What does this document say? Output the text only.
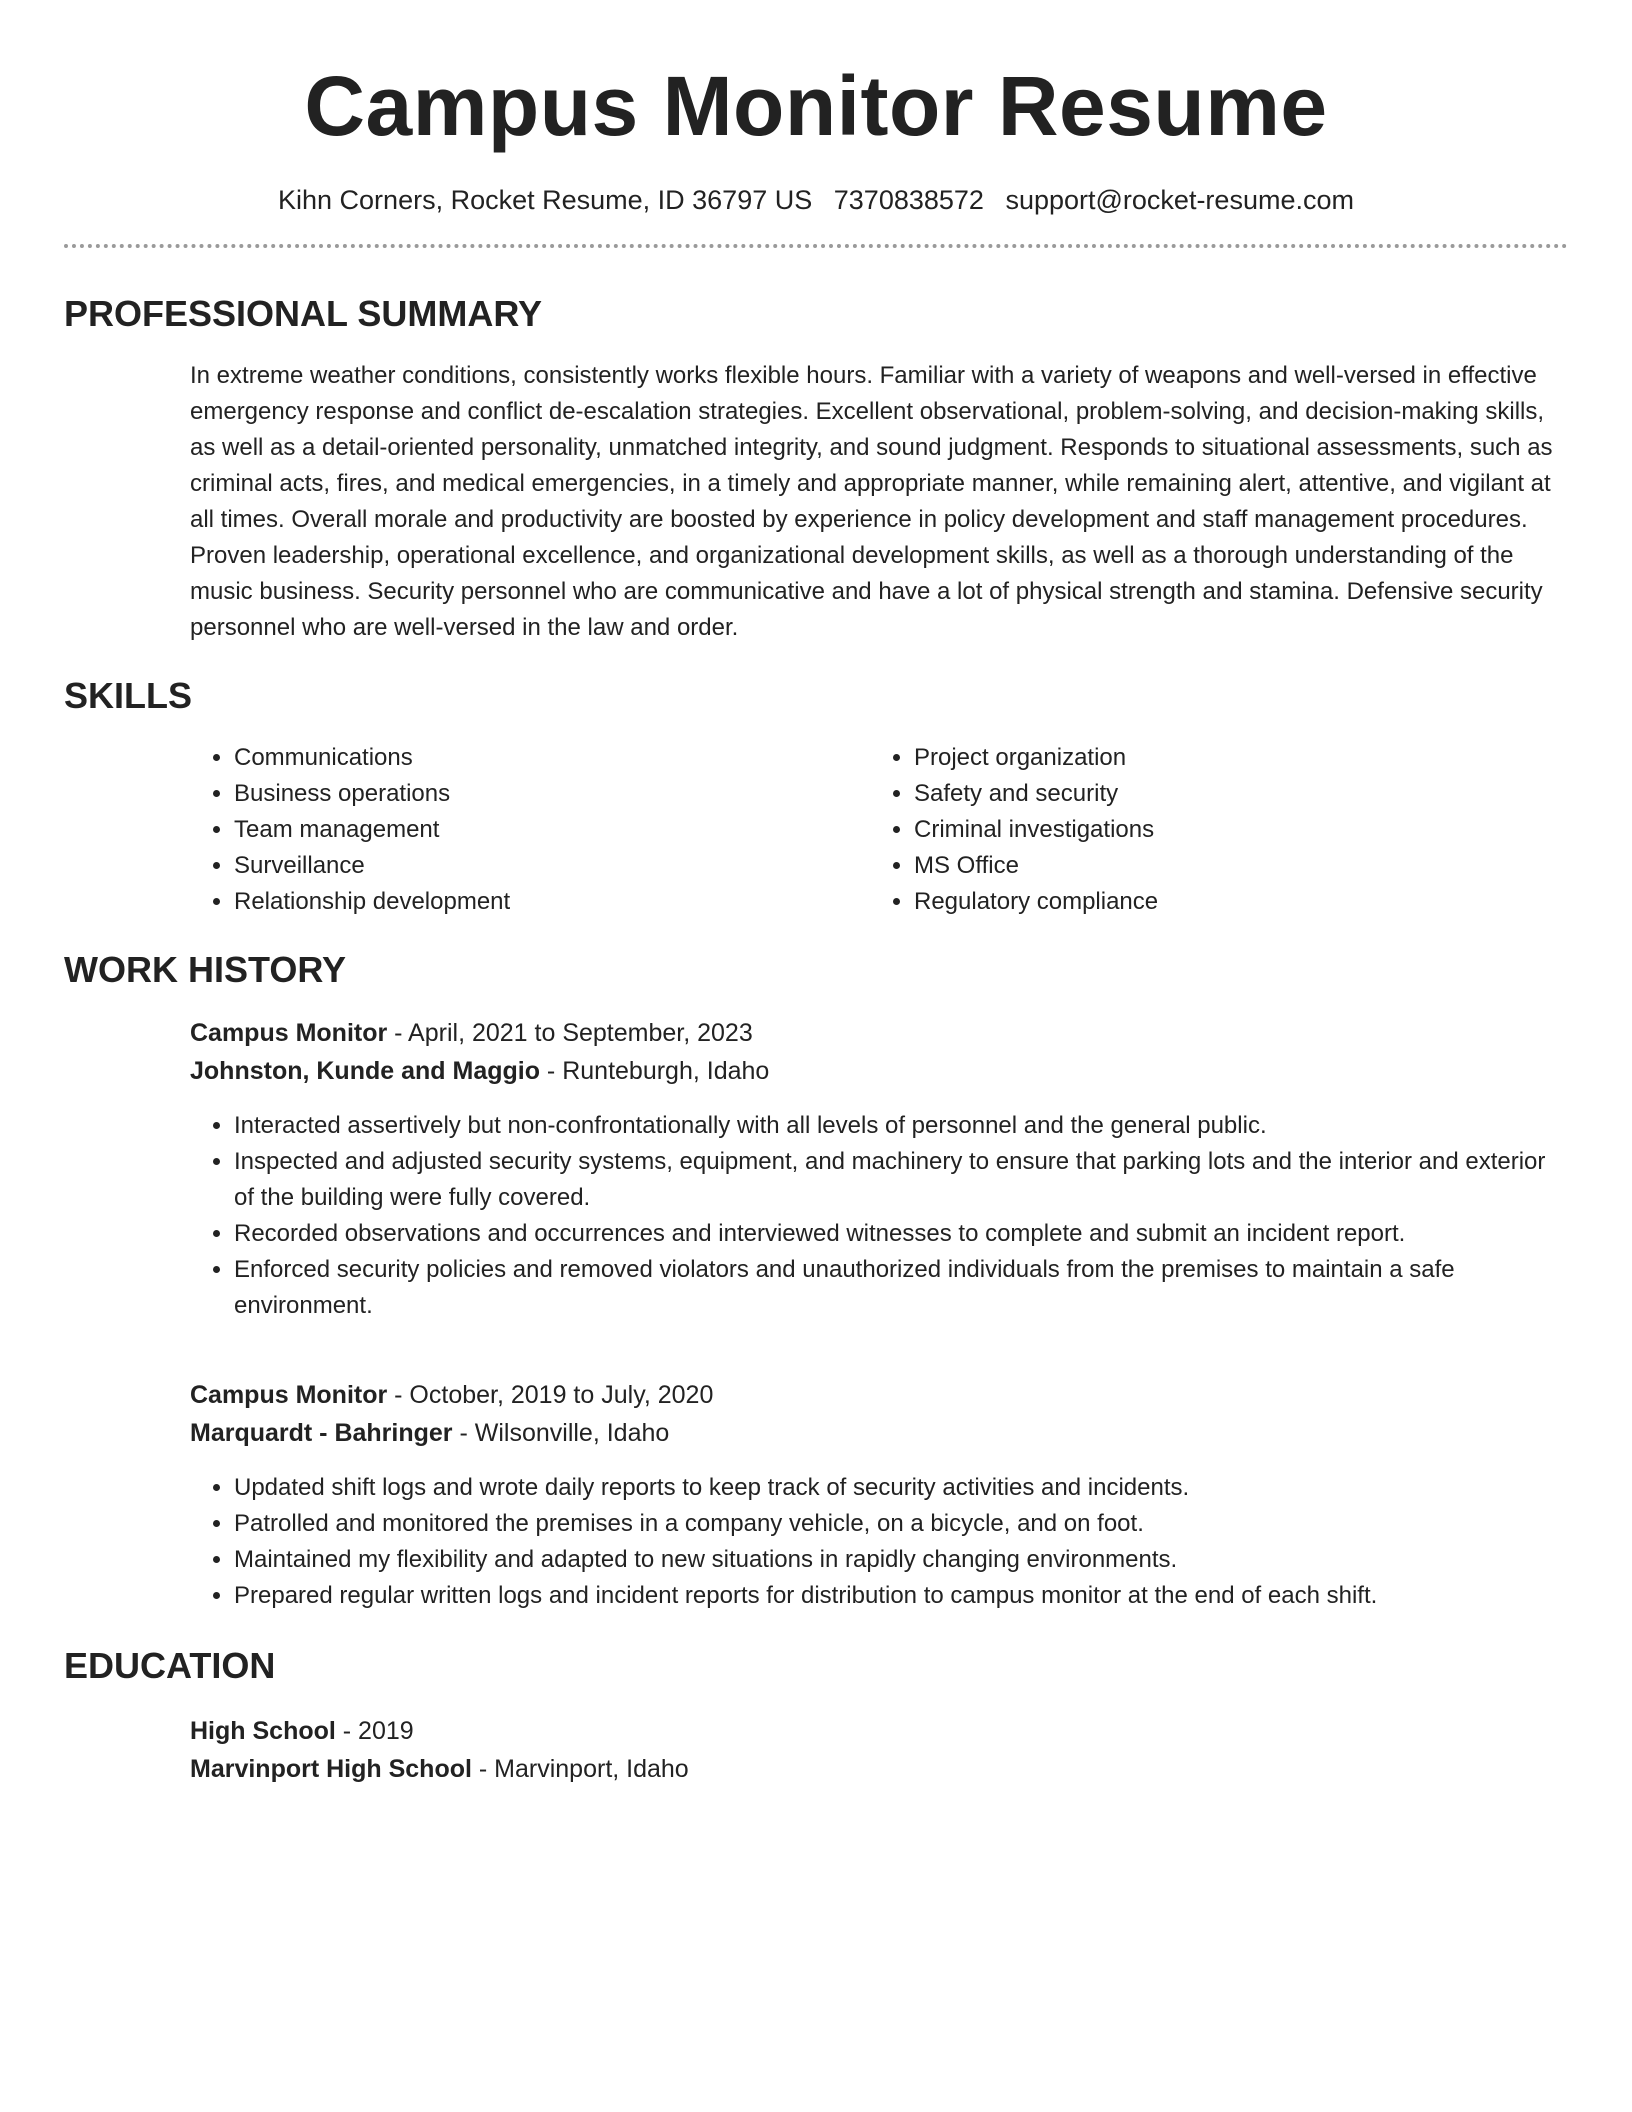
Campus Monitor Resume
Kihn Corners, Rocket Resume, ID 36797 US 7370838572 support@rocket-resume.com
PROFESSIONAL SUMMARY
In extreme weather conditions, consistently works flexible hours. Familiar with a variety of weapons and well-versed in effective emergency response and conflict de-escalation strategies. Excellent observational, problem-solving, and decision-making skills, as well as a detail-oriented personality, unmatched integrity, and sound judgment. Responds to situational assessments, such as criminal acts, fires, and medical emergencies, in a timely and appropriate manner, while remaining alert, attentive, and vigilant at all times. Overall morale and productivity are boosted by experience in policy development and staff management procedures. Proven leadership, operational excellence, and organizational development skills, as well as a thorough understanding of the music business. Security personnel who are communicative and have a lot of physical strength and stamina. Defensive security personnel who are well-versed in the law and order.
SKILLS
• Communications
• Business operations
• Team management
• Surveillance
• Relationship development
• Project organization
• Safety and security
• Criminal investigations
• MS Office
• Regulatory compliance
WORK HISTORY
Campus Monitor - April, 2021 to September, 2023
Johnston, Kunde and Maggio - Runteburgh, Idaho
• Interacted assertively but non-confrontationally with all levels of personnel and the general public.
• Inspected and adjusted security systems, equipment, and machinery to ensure that parking lots and the interior and exterior of the building were fully covered.
• Recorded observations and occurrences and interviewed witnesses to complete and submit an incident report.
• Enforced security policies and removed violators and unauthorized individuals from the premises to maintain a safe environment.
Campus Monitor - October, 2019 to July, 2020
Marquardt - Bahringer - Wilsonville, Idaho
• Updated shift logs and wrote daily reports to keep track of security activities and incidents.
• Patrolled and monitored the premises in a company vehicle, on a bicycle, and on foot.
• Maintained my flexibility and adapted to new situations in rapidly changing environments.
• Prepared regular written logs and incident reports for distribution to campus monitor at the end of each shift.
EDUCATION
High School - 2019
Marvinport High School - Marvinport, Idaho
